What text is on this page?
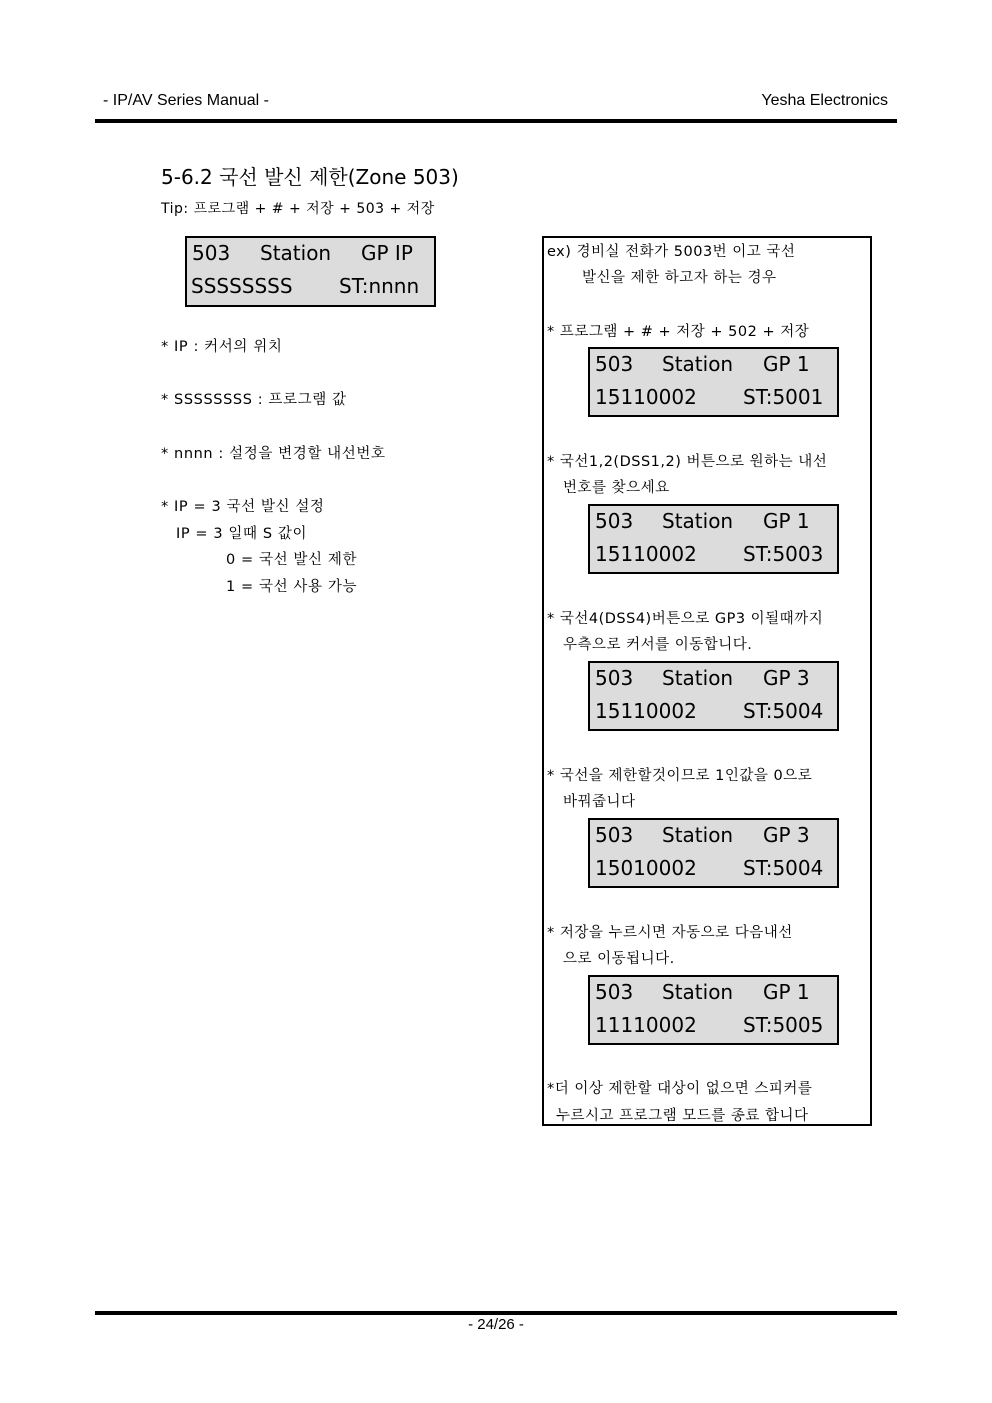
- IP/AV Series Manual -	Yesha Electronics
5-6.2 국선 발신 제한(Zone 503)
Tip: 프로그램 + # + 저장 + 503 + 저장
503 Station GP IP
SSSSSSSS ST:nnnn
* IP : 커서의 위치
* SSSSSSSS : 프로그램 값
* nnnn : 설정을 변경할 내선번호
* IP = 3 국선 발신 설정
IP = 3 일때 S 값이
0 = 국선 발신 제한
1 = 국선 사용 가능
ex) 경비실 전화가 5003번 이고 국선
발신을 제한 하고자 하는 경우
* 프로그램 + # + 저장 + 502 + 저장
503 Station GP 1
15110002 ST:5001
* 국선1,2(DSS1,2) 버튼으로 원하는 내선
번호를 찾으세요
503 Station GP 1
15110002 ST:5003
* 국선4(DSS4)버튼으로 GP3 이될때까지
우측으로 커서를 이동합니다.
503 Station GP 3
15110002 ST:5004
* 국선을 제한할것이므로 1인값을 0으로
바꿔줍니다
503 Station GP 3
15010002 ST:5004
* 저장을 누르시면 자동으로 다음내선
으로 이동됩니다.
503 Station GP 1
11110002 ST:5005
*더 이상 제한할 대상이 없으면 스피커를
누르시고 프로그램 모드를 종료 합니다
- 24/26 -
